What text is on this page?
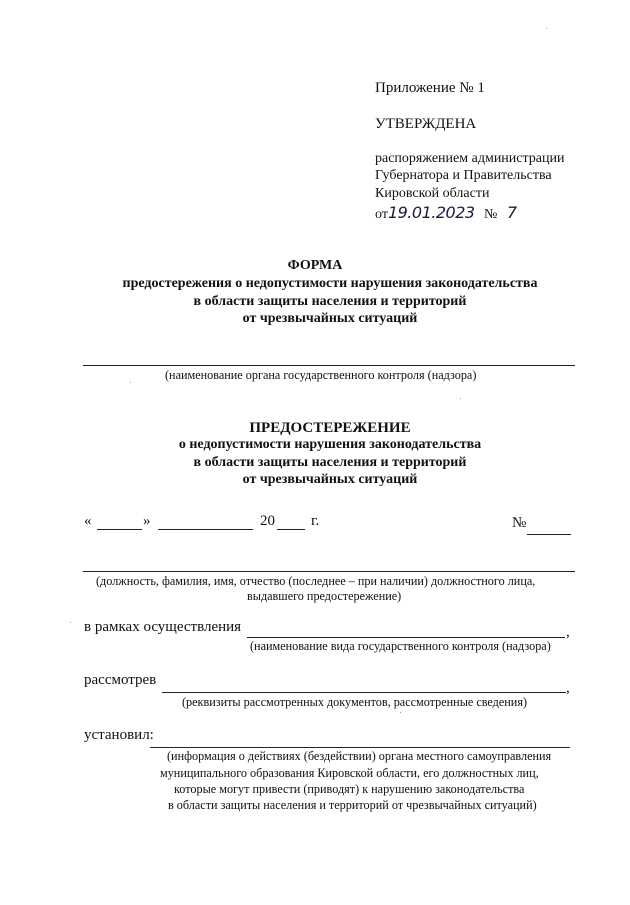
Приложение № 1
УТВЕРЖДЕНА
распоряжением администрации
Губернатора и Правительства
Кировской области
от19.01.2023 № 7
ФОРМА
предостережения о недопустимости нарушения законодательства
в области защиты населения и территорий
от чрезвычайных ситуаций
(наименование органа государственного контроля (надзора)
ПРЕДОСТЕРЕЖЕНИЕ
о недопустимости нарушения законодательства
в области защиты населения и территорий
от чрезвычайных ситуаций
«	»	20 г.	№
(должность, фамилия, имя, отчество (последнее – при наличии) должностного лица,
выдавшего предостережение)
в рамках осуществления	,
(наименование вида государственного контроля (надзора)
рассмотрев	,
(реквизиты рассмотренных документов, рассмотренные сведения)
установил:
(информация о действиях (бездействии) органа местного самоуправления
муниципального образования Кировской области, его должностных лиц,
которые могут привести (приводят) к нарушению законодательства
в области защиты населения и территорий от чрезвычайных ситуаций)
